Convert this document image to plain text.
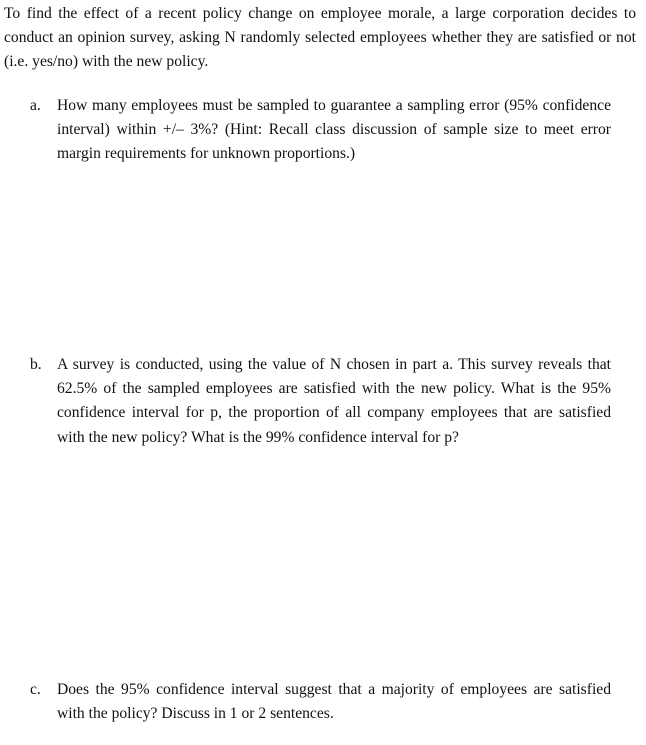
To find the effect of a recent policy change on employee morale, a large corporation decides to conduct an opinion survey, asking N randomly selected employees whether they are satisfied or not (i.e. yes/no) with the new policy.

a.	How many employees must be sampled to guarantee a sampling error (95% confidence interval) within +/– 3%? (Hint: Recall class discussion of sample size to meet error margin requirements for unknown proportions.)
b. A survey is conducted, using the value of N chosen in part a. This survey reveals that 62.5% of the sampled employees are satisfied with the new policy. What is the 95% confidence interval for p, the proportion of all company employees that are satisfied with the new policy? What is the 99% confidence interval for p?
c.	Does the 95% confidence interval suggest that a majority of employees are satisfied with the policy? Discuss in 1 or 2 sentences.
